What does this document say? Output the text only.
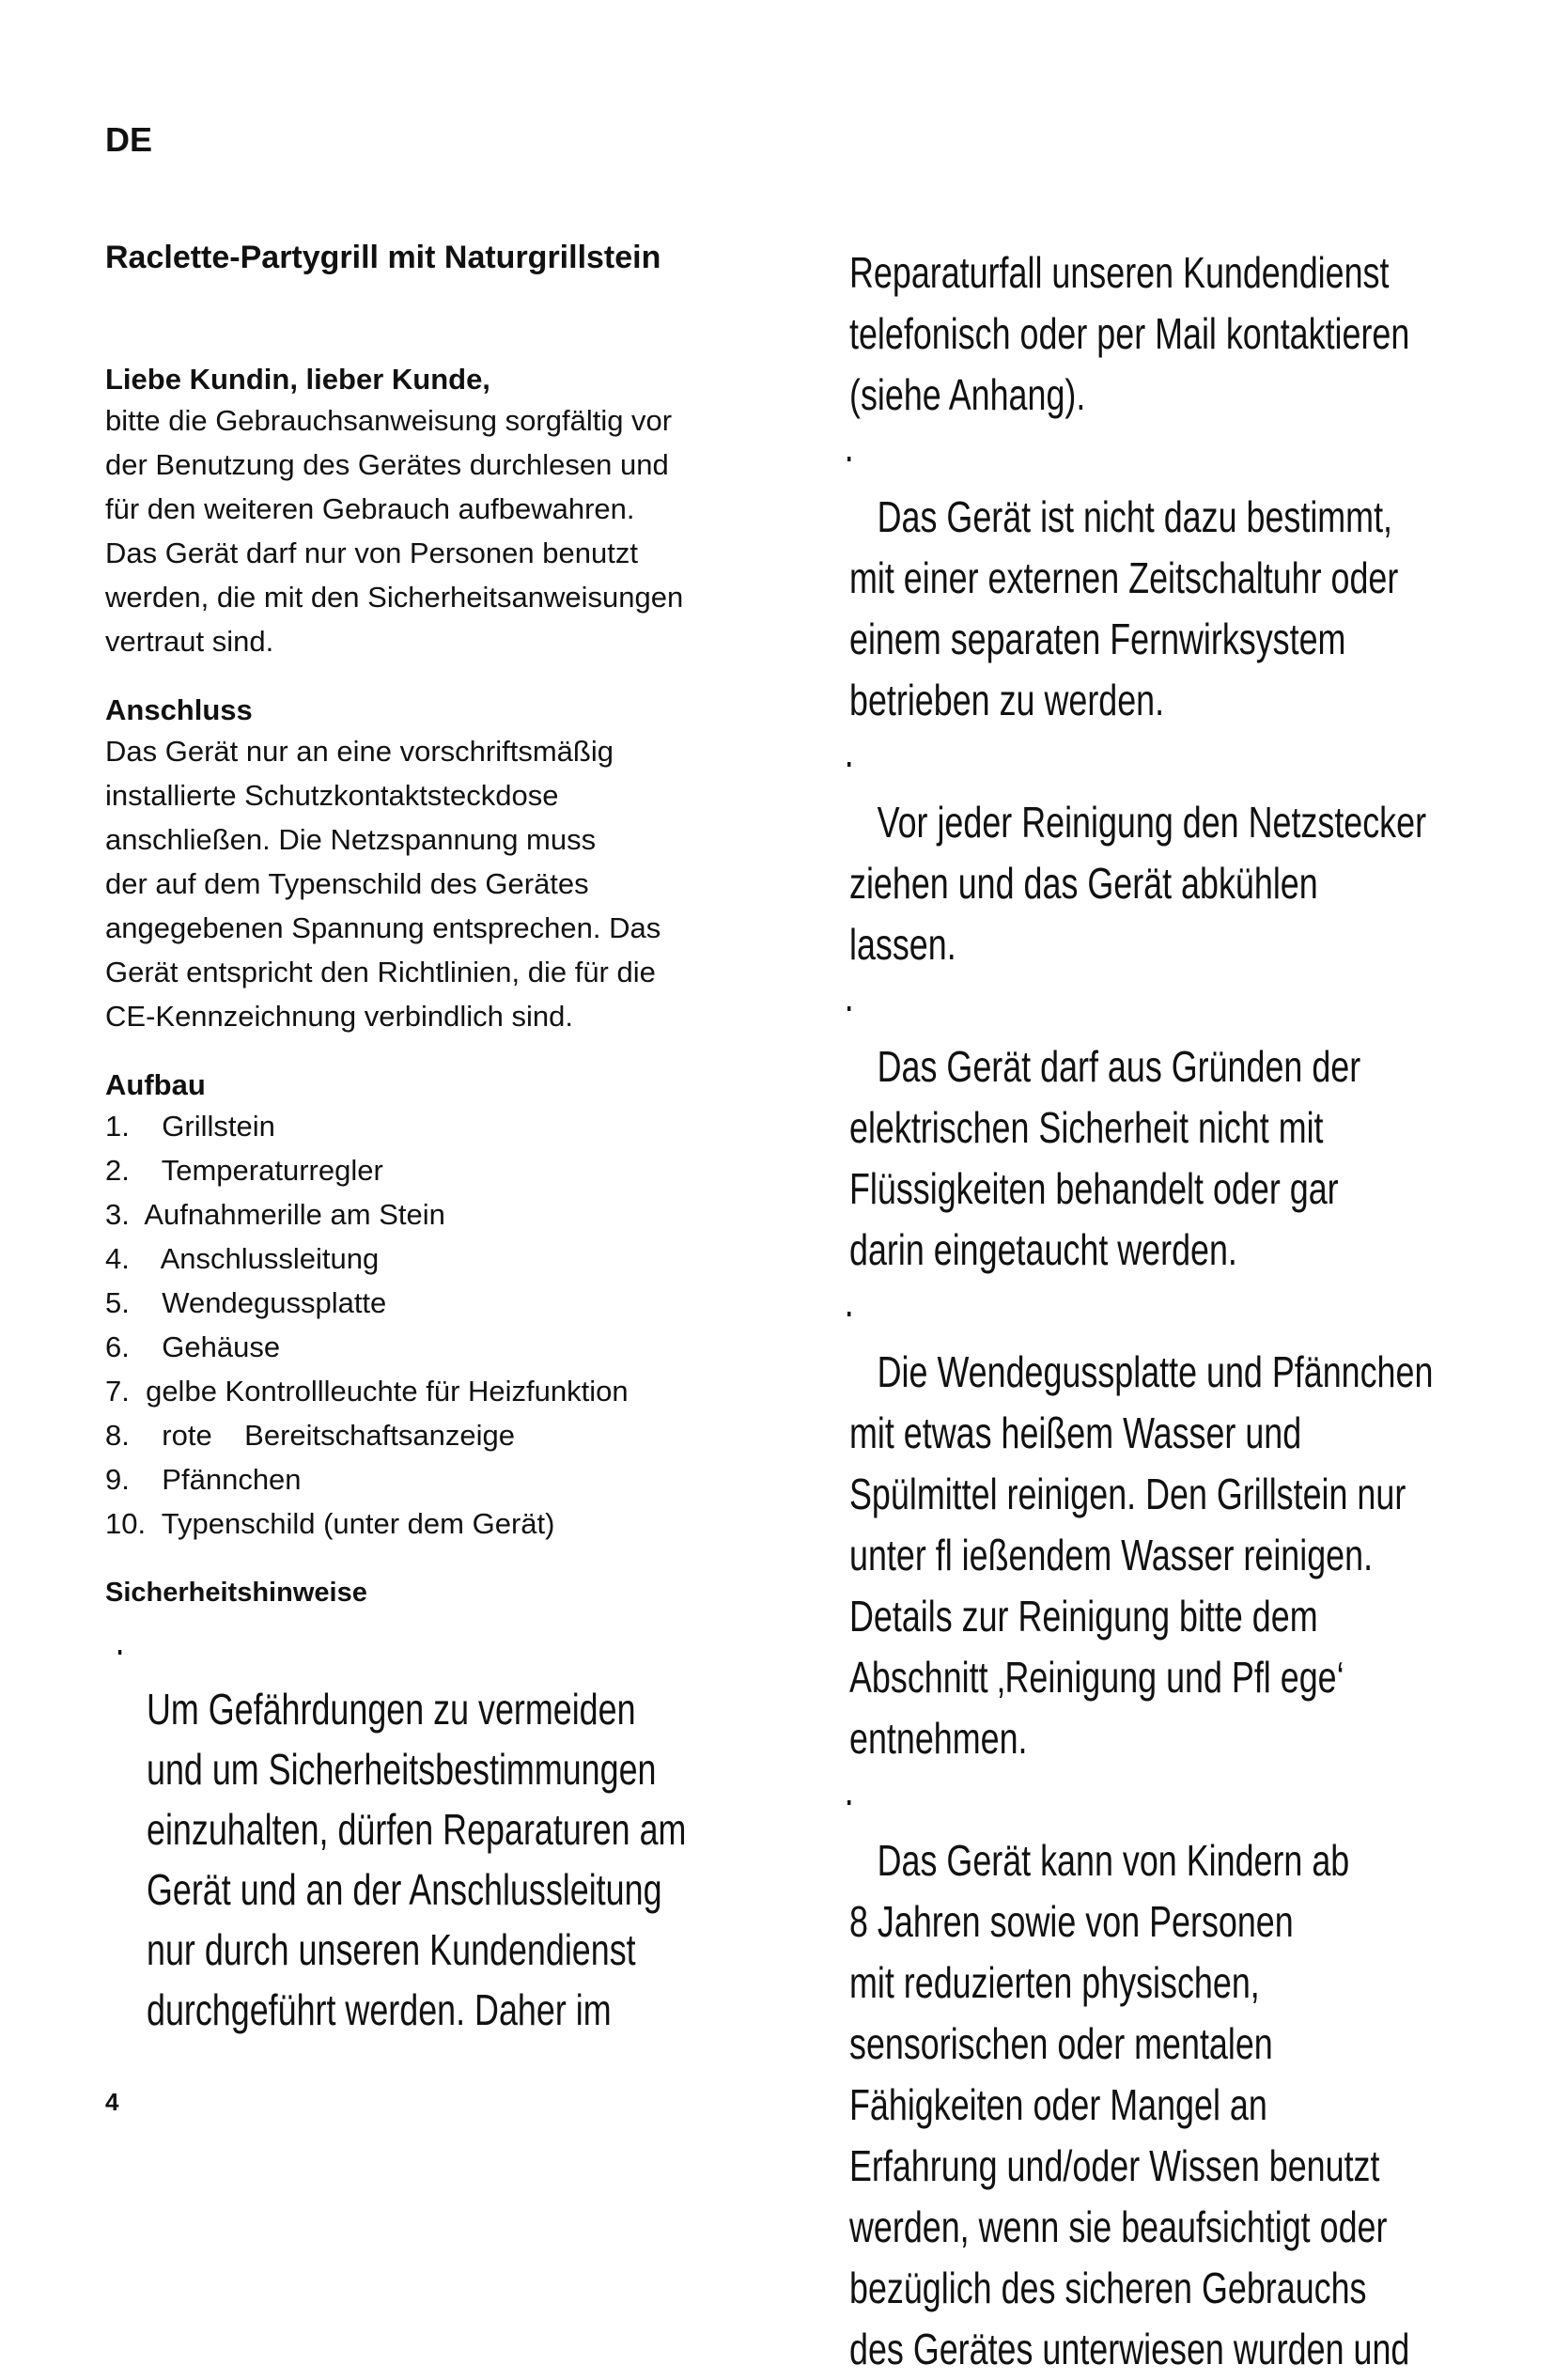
DE
Raclette-Partygrill mit Naturgrillstein
Liebe Kundin, lieber Kunde,

bitte die Gebrauchsanweisung sorgfältig vor
der Benutzung des Gerätes durchlesen und
für den weiteren Gebrauch aufbewahren.
Das Gerät darf nur von Personen benutzt
werden, die mit den Sicherheitsanweisungen
vertraut sind.

Anschluss

Das Gerät nur an eine vorschriftsmäßig
installierte Schutzkontaktsteckdose
anschließen. Die Netzspannung muss
der auf dem Typenschild des Gerätes
angegebenen Spannung entsprechen. Das
Gerät entspricht den Richtlinien, die für die
CE-Kennzeichnung verbindlich sind.

Aufbau
1.    Grillstein
2.    Temperaturregler
3.  Aufnahmerille am Stein
4.    Anschlussleitung
5.    Wendegussplatte
6.    Gehäuse
7.  gelbe Kontrollleuchte für Heizfunktion
8.    rote    Bereitschaftsanzeige
9.    Pfännchen
10.  Typenschild (unter dem Gerät)
Sicherheitshinweise

·
Um Gefährdungen zu vermeiden
und um Sicherheitsbestimmungen
einzuhalten, dürfen Reparaturen am
Gerät und an der Anschlussleitung
nur durch unseren Kundendienst
durchgeführt werden. Daher im

4
Reparaturfall unseren Kundendienst
telefonisch oder per Mail kontaktieren
(siehe Anhang).

·
Das Gerät ist nicht dazu bestimmt,
mit einer externen Zeitschaltuhr oder
einem separaten Fernwirksystem
betrieben zu werden.

·
Vor jeder Reinigung den Netzstecker
ziehen und das Gerät abkühlen
lassen.

·
Das Gerät darf aus Gründen der
elektrischen Sicherheit nicht mit
Flüssigkeiten behandelt oder gar
darin eingetaucht werden.

·
Die Wendegussplatte und Pfännchen
mit etwas heißem Wasser und
Spülmittel reinigen. Den Grillstein nur
unter fl ießendem Wasser reinigen.
Details zur Reinigung bitte dem
Abschnitt ‚Reinigung und Pfl ege‘
entnehmen.

·
Das Gerät kann von Kindern ab
8 Jahren sowie von Personen
mit reduzierten physischen,
sensorischen oder mentalen
Fähigkeiten oder Mangel an
Erfahrung und/oder Wissen benutzt
werden, wenn sie beaufsichtigt oder
bezüglich des sicheren Gebrauchs
des Gerätes unterwiesen wurden und
